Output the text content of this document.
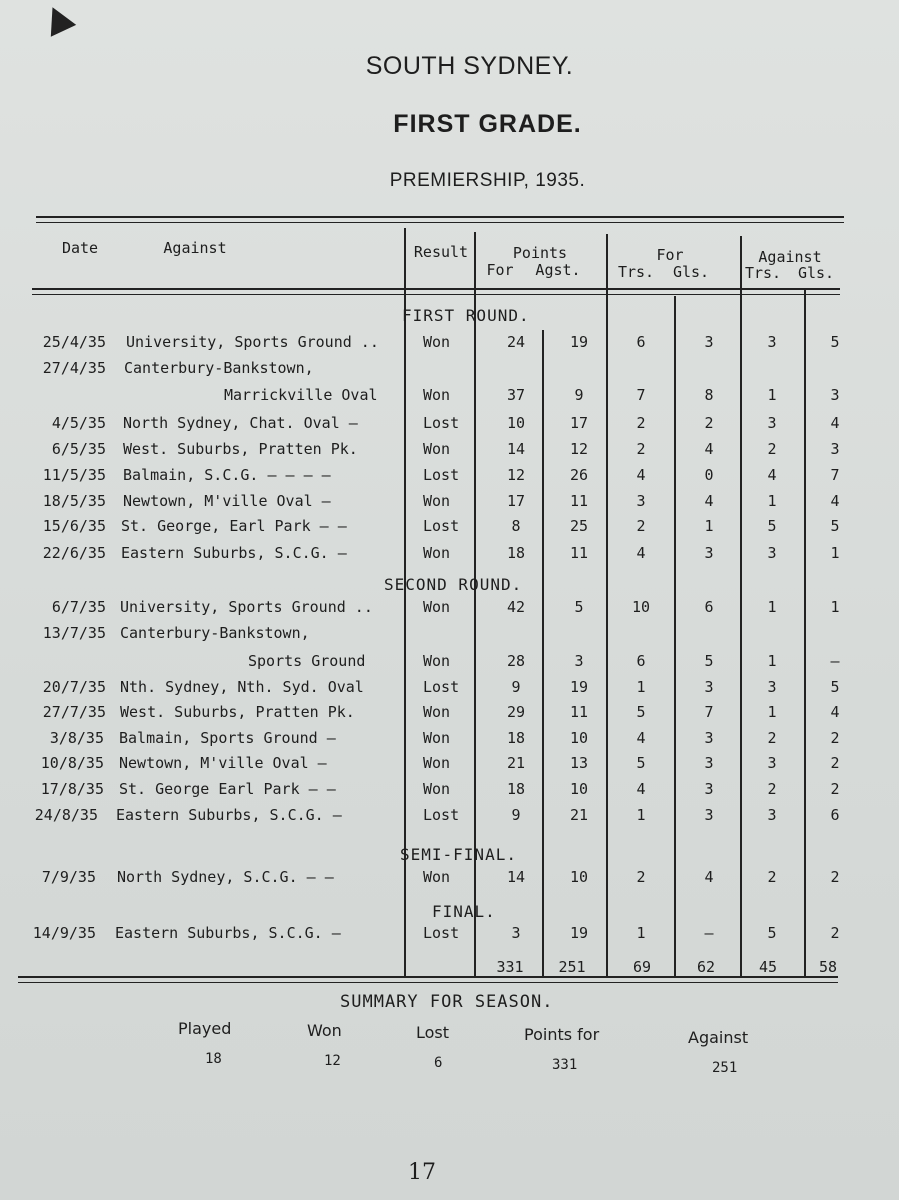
SOUTH SYDNEY.
FIRST GRADE.
PREMIERSHIP, 1935.
Date	Against	Result	Points
For	Agst.
For
Trs. Gls.
Against
Trs. Gls.
FIRST ROUND.
SECOND ROUND.
SEMI-FINAL.
FINAL.
25/4/35 University, Sports Ground ..	Won	24	19	6	3	3	5
27/4/35 Canterbury-Bankstown,
Marrickville Oval	Won	37	9	7	8	1	3
4/5/35 North Sydney, Chat. Oval —	Lost	10	17	2	2	3	4
6/5/35 West. Suburbs, Pratten Pk.	Won	14	12	2	4	2	3
11/5/35 Balmain, S.C.G. — — — —	Lost	12	26	4	0	4	7
18/5/35 Newtown, M'ville Oval —	Won	17	11	3	4	1	4
15/6/35 St. George, Earl Park — —	Lost	8	25	2	1	5	5
22/6/35 Eastern Suburbs, S.C.G. —	Won	18	11	4	3	3	1
6/7/35 University, Sports Ground ..	Won	42	5	10	6	1	1
13/7/35 Canterbury-Bankstown,
Sports Ground	Won	28	3	6	5	1	—
20/7/35 Nth. Sydney, Nth. Syd. Oval	Lost	9	19	1	3	3	5
27/7/35 West. Suburbs, Pratten Pk.	Won	29	11	5	7	1	4
3/8/35 Balmain, Sports Ground —	Won	18	10	4	3	2	2
10/8/35 Newtown, M'ville Oval —	Won	21	13	5	3	3	2
17/8/35 St. George Earl Park — —	Won	18	10	4	3	2	2
24/8/35 Eastern Suburbs, S.C.G. —	Lost	9	21	1	3	3	6
7/9/35 North Sydney, S.C.G. — —	Won	14	10	2	4	2	2
14/9/35 Eastern Suburbs, S.C.G. —	Lost	3	19	1	—	5	2
331	251	69	62	45	58
SUMMARY FOR SEASON.
Played	Won	Lost	Points for	Against
18	12	6	331	251
17
